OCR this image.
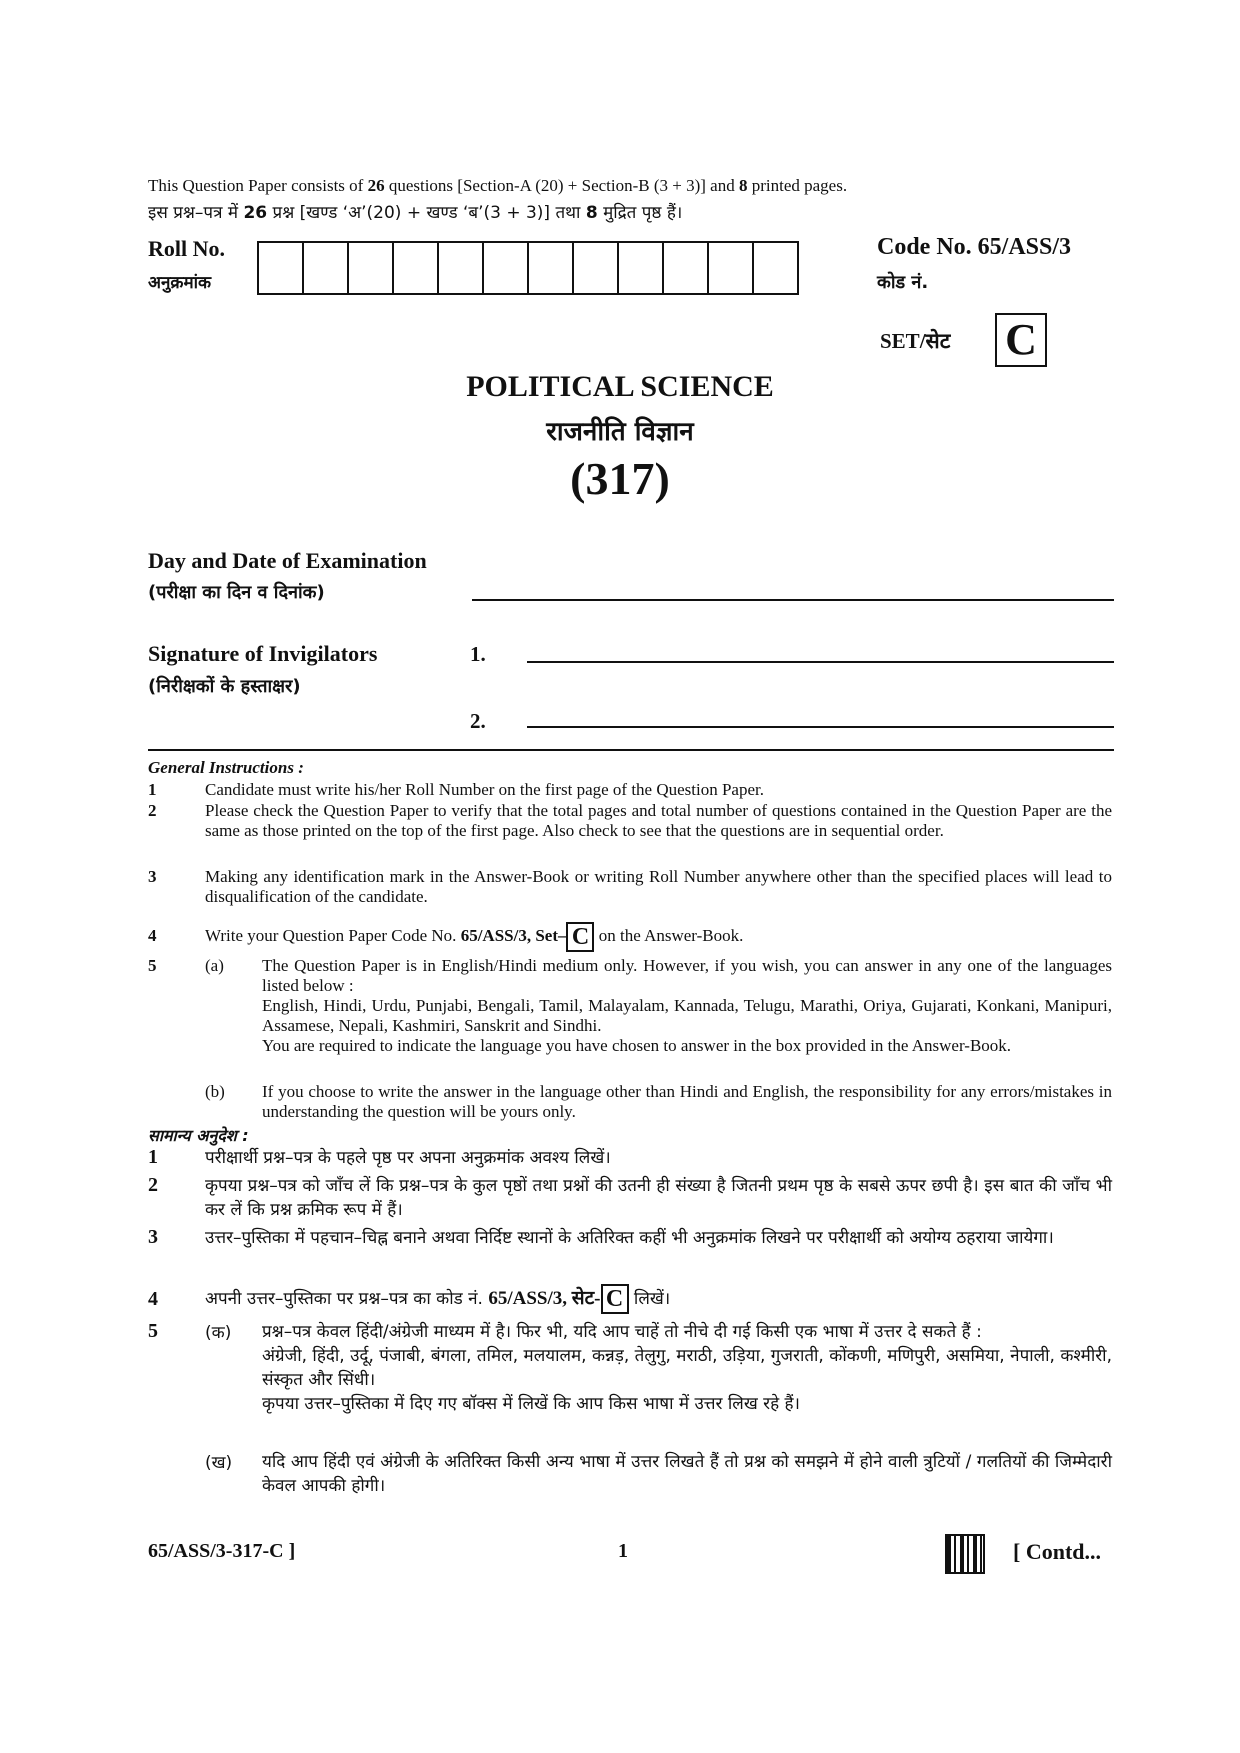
This Question Paper consists of 26 questions [Section-A (20) + Section-B (3 + 3)] and 8 printed pages.
इस प्रश्न–पत्र में 26 प्रश्न [खण्ड ‘अ’(20) + खण्ड ‘ब’(3 + 3)] तथा 8 मुद्रित पृष्ठ हैं।
Roll No.
अनुक्रमांक
Code No. 65/ASS/3
कोड नं.
SET/सेट C
POLITICAL SCIENCE
राजनीति विज्ञान
(317)
Day and Date of Examination
(परीक्षा का दिन व दिनांक)
Signature of Invigilators
(निरीक्षकों के हस्ताक्षर)
1.
2.
General Instructions :
1	Candidate must write his/her Roll Number on the first page of the Question Paper.
2	Please check the Question Paper to verify that the total pages and total number of questions contained in the Question Paper are the same as those printed on the top of the first page. Also check to see that the questions are in sequential order.
3	Making any identification mark in the Answer-Book or writing Roll Number anywhere other than the specified places will lead to disqualification of the candidate.
4	Write your Question Paper Code No. 65/ASS/3, Set– C on the Answer-Book.
5	(a) The Question Paper is in English/Hindi medium only. However, if you wish, you can answer in any one of the languages listed below :
English, Hindi, Urdu, Punjabi, Bengali, Tamil, Malayalam, Kannada, Telugu, Marathi, Oriya, Gujarati, Konkani, Manipuri, Assamese, Nepali, Kashmiri, Sanskrit and Sindhi.
You are required to indicate the language you have chosen to answer in the box provided in the Answer-Book.
(b) If you choose to write the answer in the language other than Hindi and English, the responsibility for any errors/mistakes in understanding the question will be yours only.
सामान्य अनुदेश :
1	परीक्षार्थी प्रश्न–पत्र के पहले पृष्ठ पर अपना अनुक्रमांक अवश्य लिखें।
2	कृपया प्रश्न–पत्र को जाँच लें कि प्रश्न–पत्र के कुल पृष्ठों तथा प्रश्नों की उतनी ही संख्या है जितनी प्रथम पृष्ठ के सबसे ऊपर छपी है। इस बात की जाँच भी कर लें कि प्रश्न क्रमिक रूप में हैं।
3	उत्तर–पुस्तिका में पहचान–चिह्न बनाने अथवा निर्दिष्ट स्थानों के अतिरिक्त कहीं भी अनुक्रमांक लिखने पर परीक्षार्थी को अयोग्य ठहराया जायेगा।
4	अपनी उत्तर–पुस्तिका पर प्रश्न–पत्र का कोड नं. 65/ASS/3, सेट- C लिखें।
5	(क) प्रश्न–पत्र केवल हिंदी/अंग्रेजी माध्यम में है। फिर भी, यदि आप चाहें तो नीचे दी गई किसी एक भाषा में उत्तर दे सकते हैं :
अंग्रेजी, हिंदी, उर्दू, पंजाबी, बंगला, तमिल, मलयालम, कन्नड़, तेलुगु, मराठी, उड़िया, गुजराती, कोंकणी, मणिपुरी, असमिया, नेपाली, कश्मीरी, संस्कृत और सिंधी।
कृपया उत्तर–पुस्तिका में दिए गए बॉक्स में लिखें कि आप किस भाषा में उत्तर लिख रहे हैं।
(ख) यदि आप हिंदी एवं अंग्रेजी के अतिरिक्त किसी अन्य भाषा में उत्तर लिखते हैं तो प्रश्न को समझने में होने वाली त्रुटियों / गलतियों की जिम्मेदारी केवल आपकी होगी।
65/ASS/3-317-C ]	1	[ Contd...
